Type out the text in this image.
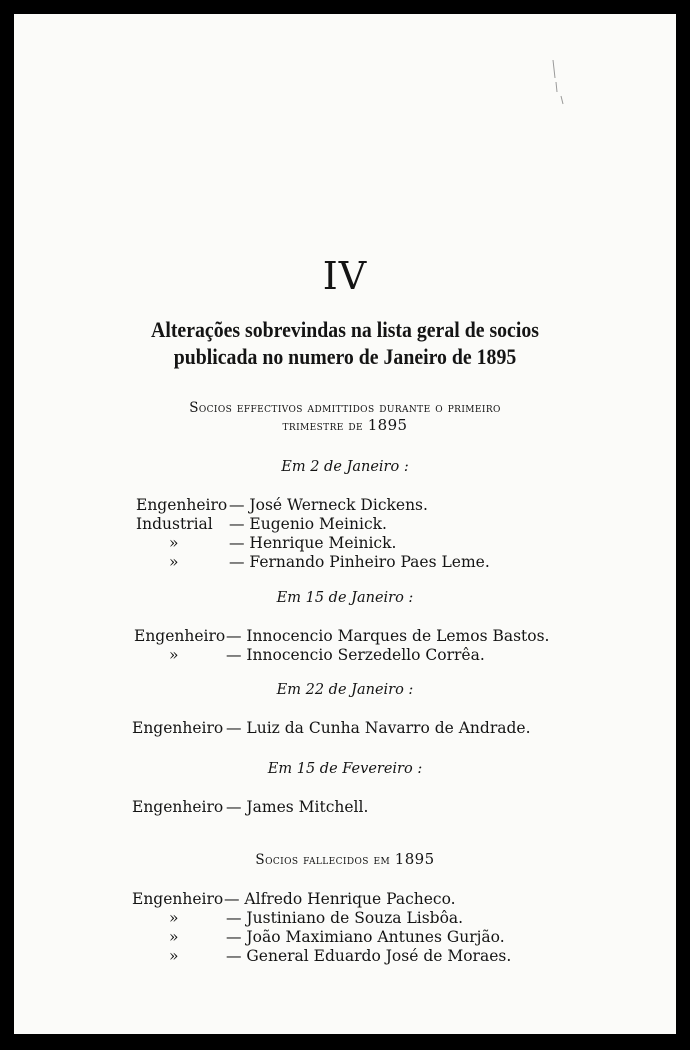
IV
Alterações sobrevindas na lista geral de socios
publicada no numero de Janeiro de 1895
Socios effectivos admittidos durante o primeiro
trimestre de 1895
Em 2 de Janeiro :
Engenheiro — José Werneck Dickens.
Industrial — Eugenio Meinick.
»	— Henrique Meinick.
»	— Fernando Pinheiro Paes Leme.
Em 15 de Janeiro :
Engenheiro — Innocencio Marques de Lemos Bastos.
»	— Innocencio Serzedello Corrêa.
Em 22 de Janeiro :
Engenheiro — Luiz da Cunha Navarro de Andrade.
Em 15 de Fevereiro :
Engenheiro — James Mitchell.
Socios fallecidos em 1895
Engenheiro — Alfredo Henrique Pacheco.
»	— Justiniano de Souza Lisbôa.
»	— João Maximiano Antunes Gurjão.
»	— General Eduardo José de Moraes.
